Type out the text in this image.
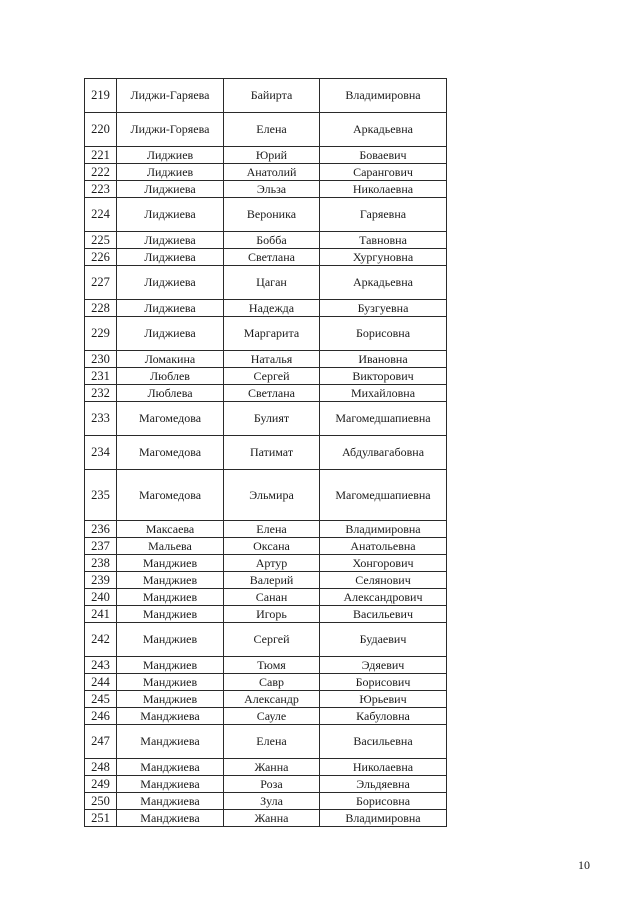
219	Лиджи-Гаряева	Байирта	Владимировна
220	Лиджи-Горяева	Елена	Аркадьевна
221	Лиджиев	Юрий	Боваевич
222	Лиджиев	Анатолий	Сарангович
223	Лиджиева	Эльза	Николаевна
224	Лиджиева	Вероника	Гаряевна
225	Лиджиева	Бобба	Тавновна
226	Лиджиева	Светлана	Хургуновна
227	Лиджиева	Цаган	Аркадьевна
228	Лиджиева	Надежда	Бузгуевна
229	Лиджиева	Маргарита	Борисовна
230	Ломакина	Наталья	Ивановна
231	Люблев	Сергей	Викторович
232	Люблева	Светлана	Михайловна
233	Магомедова	Булият	Магомедшапиевна
234	Магомедова	Патимат	Абдулвагабовна
235	Магомедова	Эльмира	Магомедшапиевна
236	Максаева	Елена	Владимировна
237	Мальева	Оксана	Анатольевна
238	Манджиев	Артур	Хонгорович
239	Манджиев	Валерий	Селянович
240	Манджиев	Санан	Александрович
241	Манджиев	Игорь	Васильевич
242	Манджиев	Сергей	Будаевич
243	Манджиев	Тюмя	Эдяевич
244	Манджиев	Савр	Борисович
245	Манджиев	Александр	Юрьевич
246	Манджиева	Сауле	Кабуловна
247	Манджиева	Елена	Васильевна
248	Манджиева	Жанна	Николаевна
249	Манджиева	Роза	Эльдяевна
250	Манджиева	Зула	Борисовна
251	Манджиева	Жанна	Владимировна
10
